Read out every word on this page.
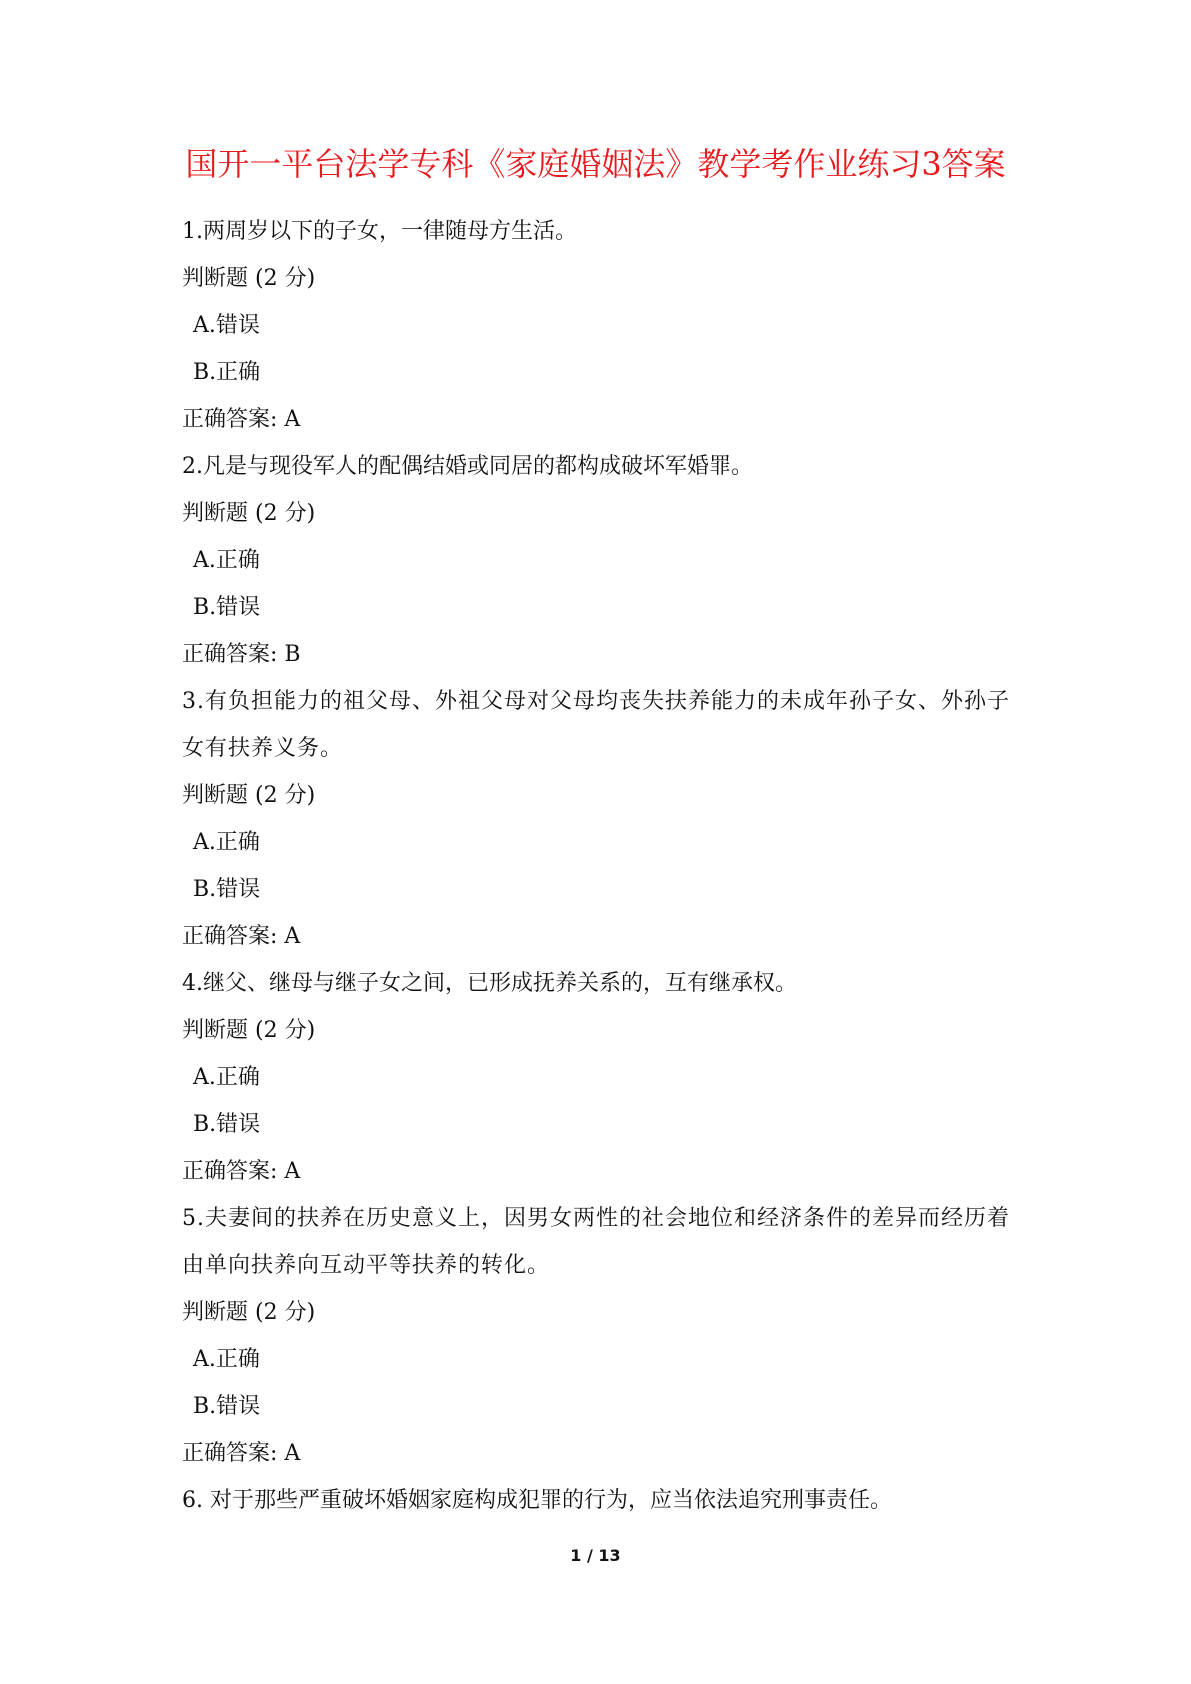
国开一平台法学专科《家庭婚姻法》教学考作业练习3答案
1.两周岁以下的子女，一律随母方生活。
判断题 (2 分)
A.错误
B.正确
正确答案: A
2.凡是与现役军人的配偶结婚或同居的都构成破坏军婚罪。
判断题 (2 分)
A.正确
B.错误
正确答案: B
3.有负担能力的祖父母、外祖父母对父母均丧失扶养能力的未成年孙子女、外孙子女有扶养义务。
判断题 (2 分)
A.正确
B.错误
正确答案: A
4.继父、继母与继子女之间，已形成抚养关系的，互有继承权。
判断题 (2 分)
A.正确
B.错误
正确答案: A
5.夫妻间的扶养在历史意义上，因男女两性的社会地位和经济条件的差异而经历着由单向扶养向互动平等扶养的转化。
判断题 (2 分)
A.正确
B.错误
正确答案: A
6. 对于那些严重破坏婚姻家庭构成犯罪的行为，应当依法追究刑事责任。
1 / 13
